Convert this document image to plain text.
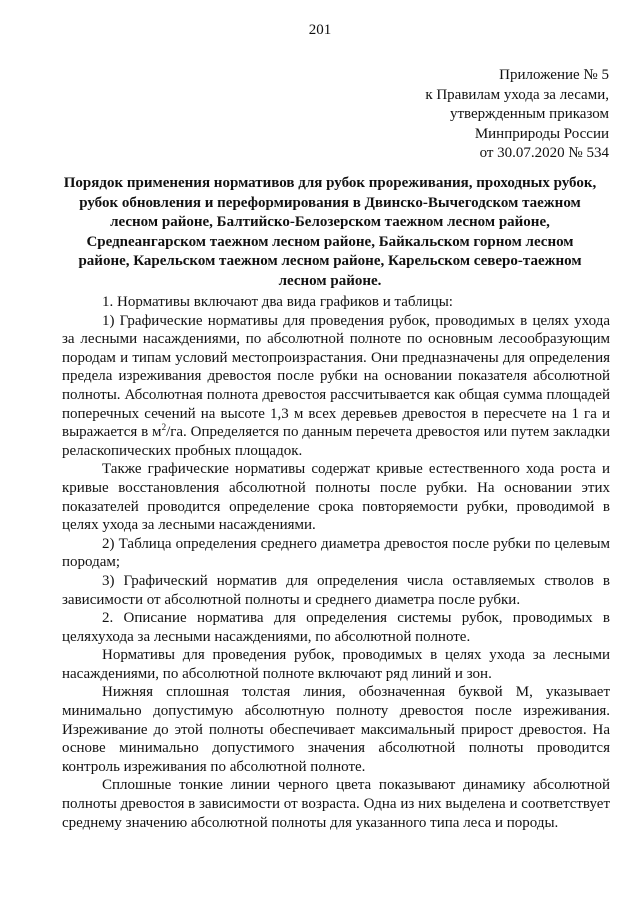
201
Приложение № 5
к Правилам ухода за лесами,
утвержденным приказом
Минприроды России
от 30.07.2020 № 534
Порядок применения нормативов для рубок прореживания, проходных рубок, рубок обновления и переформирования в Двинско-Вычегодском таежном лесном районе, Балтийско-Белозерском таежном лесном районе, Средneангарском таежном лесном районе, Байкальском горном лесном районе, Карельском таежном лесном районе, Карельском северо-таежном лесном районе.

1. Нормативы включают два вида графиков и таблицы:

1) Графические нормативы для проведения рубок, проводимых в целях ухода за лесными насаждениями, по абсолютной полноте по основным лесообразующим породам и типам условий местопроизрастания. Они предназначены для определения предела изреживания древостоя после рубки на основании показателя абсолютной полноты. Абсолютная полнота древостоя рассчитывается как общая сумма площадей поперечных сечений на высоте 1,3 м всех деревьев древостоя в пересчете на 1 га и выражается в $м^2/га$. Определяется по данным перечета древостоя или путем закладки реласкопических пробных площадок.

Также графические нормативы содержат кривые естественного хода роста и кривые восстановления абсолютной полноты после рубки. На основании этих показателей проводится определение срока повторяемости рубки, проводимой в целях ухода за лесными насаждениями.

2) Таблица определения среднего диаметра древостоя после рубки по целевым породам;

3) Графический норматив для определения числа оставляемых стволов в зависимости от абсолютной полноты и среднего диаметра после рубки.

2. Описание норматива для определения системы рубок, проводимых в целяхухода за лесными насаждениями, по абсолютной полноте.

Нормативы для проведения рубок, проводимых в целях ухода за лесными насаждениями, по абсолютной полноте включают ряд линий и зон.

Нижняя сплошная толстая линия, обозначенная буквой М, указывает минимально допустимую абсолютную полноту древостоя после изреживания. Изреживание до этой полноты обеспечивает максимальный прирост древостоя. На основе минимально допустимого значения абсолютной полноты проводится контроль изреживания по абсолютной полноте.

Сплошные тонкие линии черного цвета показывают динамику абсолютной полноты древостоя в зависимости от возраста. Одна из них выделена и соответствует среднему значению абсолютной полноты для указанного типа леса и породы.
